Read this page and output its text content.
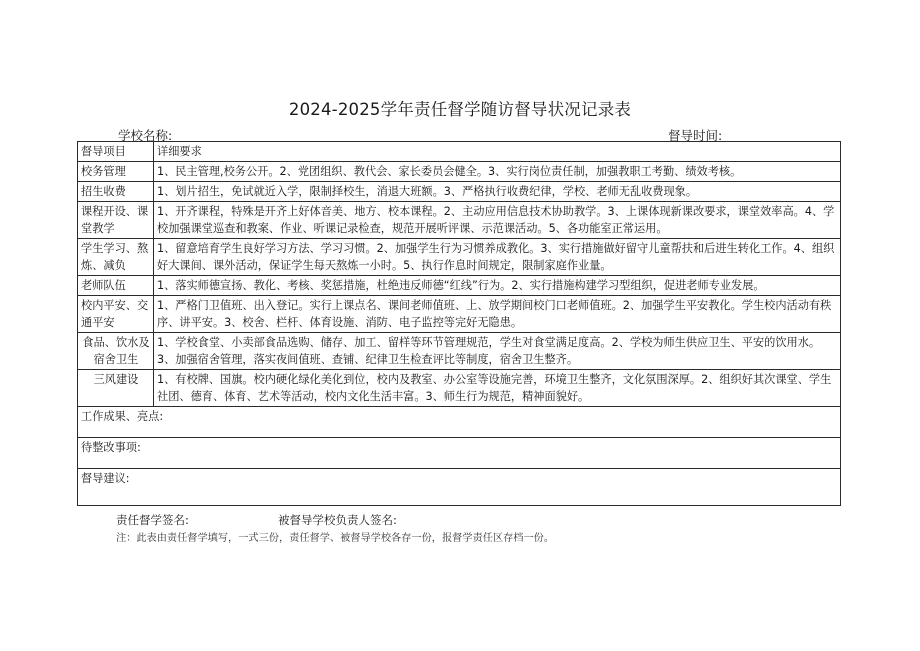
2024-2025学年责任督学随访督导状况记录表
学校名称:	督导时间:
督导项目	详细要求
校务管理	1、民主管理,校务公开。2、党团组织、教代会、家长委员会健全。3、实行岗位责任制，加强教职工考勤、绩效考核。
招生收费	1、划片招生，免试就近入学，限制择校生，消退大班额。3、严格执行收费纪律，学校、老师无乱收费现象。
课程开设、课堂教学	1、开齐课程，特殊是开齐上好体音美、地方、校本课程。2、主动应用信息技术协助教学。3、上课体现新课改要求，课堂效率高。4、学校加强课堂巡查和教案、作业、听课记录检查，规范开展听评课、示范课活动。5、各功能室正常运用。
学生学习、熬炼、减负	1、留意培育学生良好学习方法、学习习惯。2、加强学生行为习惯养成教化。3、实行措施做好留守儿童帮扶和后进生转化工作。4、组织好大课间、课外活动，保证学生每天熬炼一小时。5、执行作息时间规定，限制家庭作业量。
老师队伍	1、落实师德宣扬、教化、考核、奖惩措施，杜绝违反师德“红线”行为。2、实行措施构建学习型组织，促进老师专业发展。
校内平安、交通平安	1、严格门卫值班、出入登记。实行上课点名、课间老师值班、上、放学期间校门口老师值班。2、加强学生平安教化。学生校内活动有秩序、讲平安。3、校舍、栏杆、体育设施、消防、电子监控等完好无隐患。
食品、饮水及宿舍卫生	1、学校食堂、小卖部食品选购、储存、加工、留样等环节管理规范，学生对食堂满足度高。2、学校为师生供应卫生、平安的饮用水。3、加强宿舍管理，落实夜间值班、查铺、纪律卫生检查评比等制度，宿舍卫生整齐。
三风建设	1、有校牌、国旗。校内硬化绿化美化到位，校内及教室、办公室等设施完善，环境卫生整齐，文化氛围深厚。2、组织好其次课堂、学生社团、德育、体育、艺术等活动，校内文化生活丰富。3、师生行为规范，精神面貌好。
工作成果、亮点:	
待整改事项:	
督导建议:	
责任督学签名:	被督导学校负责人签名:
注：此表由责任督学填写，一式三份，责任督学、被督导学校各存一份，报督学责任区存档一份。
